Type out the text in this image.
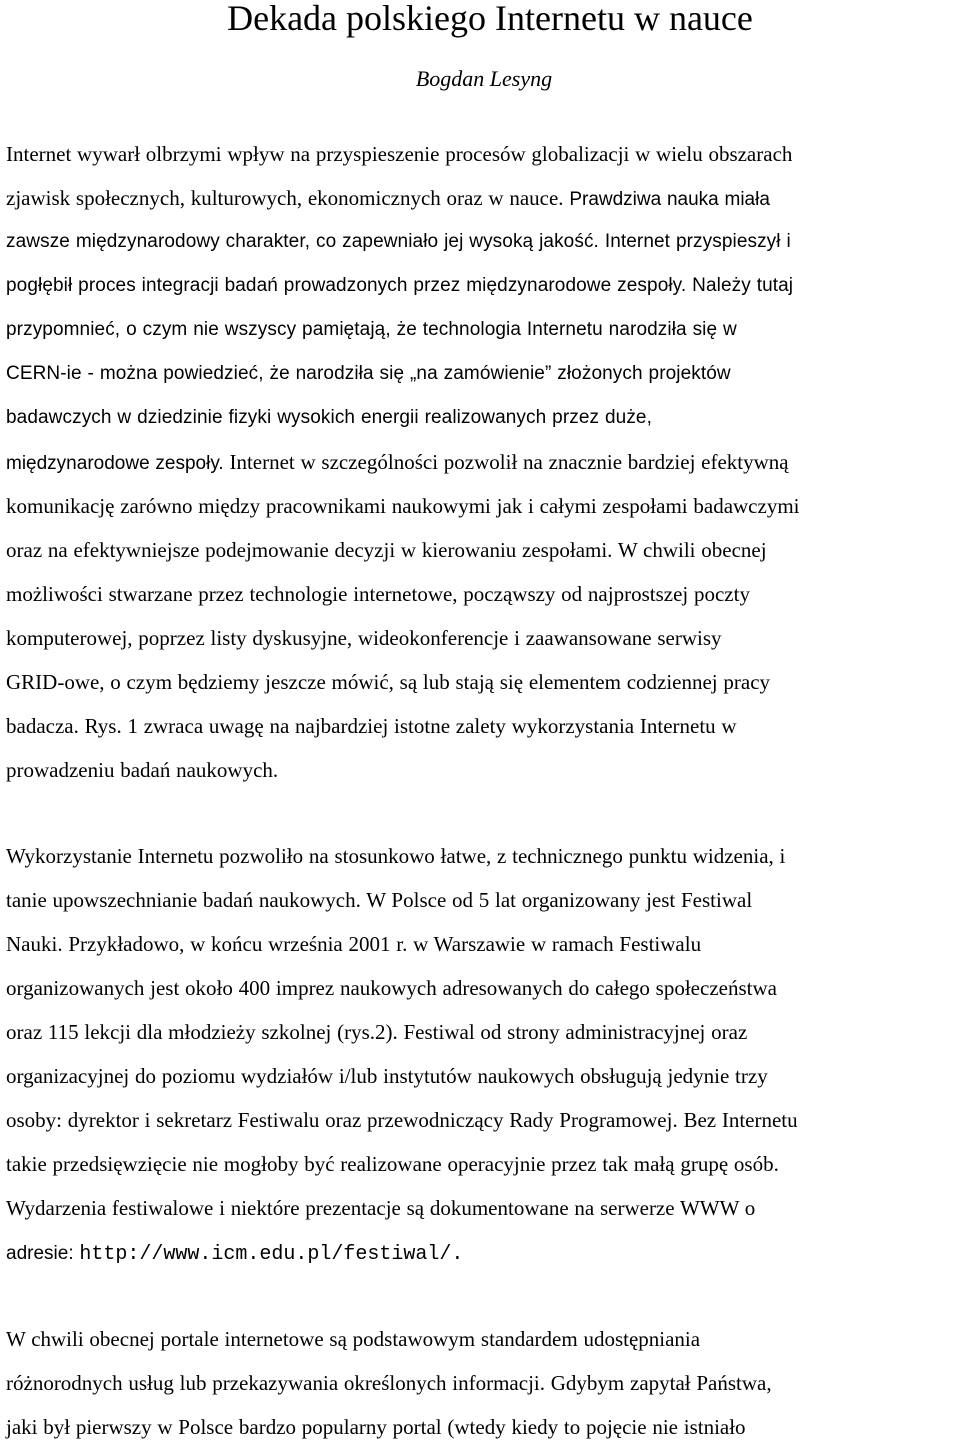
Dekada polskiego Internetu w nauce
Bogdan Lesyng
Internet wywarł olbrzymi wpływ na przyspiesze​nie procesów globalizacji w wielu obszarach
zjawisk społecznych, kulturowych, ekonomicznych oraz w nauce. Prawdziwa nauka miała
zawsze międzynarodowy charakter, co zapewniało jej wysoką jakość. Internet przyspieszył i
pogłębił proces integracji badań prowadzonych przez międzynarodowe zespoły. Należy tutaj
przypomnieć, o czym nie wszyscy pamiętają, że technologia Internetu narodziła się w
CERN-ie - można powiedzieć, że narodziła się „na zamówienie” złożonych projektów
badawczych w dziedzinie fizyki wysokich energii realizowanych przez duże,
międzynarodowe zespoły. Internet w szczególności pozwolił na znacznie bardziej efektywną
komunikację zarówno między pracownikami naukowymi jak i całymi zespołami badawczymi
oraz na efektywniejsze podejmowanie decyzji w kierowaniu zespołami. W chwili obecnej
możliwości stwarzane przez technologie internetowe, począwszy od najprostszej poczty
komputerowej, poprzez listy dyskusyjne, wideokonferencje i zaawansowane serwisy
GRID-owe, o czym będziemy jeszcze mówić, są lub stają się elementem codziennej pracy
badacza. Rys. 1 zwraca uwagę na najbardziej istotne zalety wykorzystania Internetu w
prowadzeniu badań naukowych.
Wykorzystanie Internetu pozwoliło na stosunkowo łatwe, z technicznego punktu widzenia, i
tanie upowszechnianie badań naukowych. W Polsce od 5 lat organizowany jest Festiwal
Nauki. Przykładowo, w końcu września 2001 r. w Warszawie w ramach Festiwalu
organizowanych jest około 400 imprez naukowych adresowanych do całego społeczeństwa
oraz 115 lekcji dla młodzieży szkolnej (rys.2). Festiwal od strony administracyjnej oraz
organizacyjnej do poziomu wydziałów i/lub instytutów naukowych obsługują jedynie trzy
osoby: dyrektor i sekretarz Festiwalu oraz przewodniczący Rady Programowej. Bez Internetu
takie przedsięwzięcie nie mogłoby być realizowane operacyjnie przez tak małą grupę osób.
Wydarzenia festiwalowe i niektóre prezentacje są dokumentowane na serwerze WWW o
adresie: http://www.icm.edu.pl/festiwal/.
W chwili obecnej portale internetowe są podstawowym standardem udostępniania
różnorodnych usług lub przekazywania określonych informacji. Gdybym zapytał Państwa,
jaki był pierwszy w Polsce bardzo popularny portal (wtedy kiedy to pojęcie nie istniało
